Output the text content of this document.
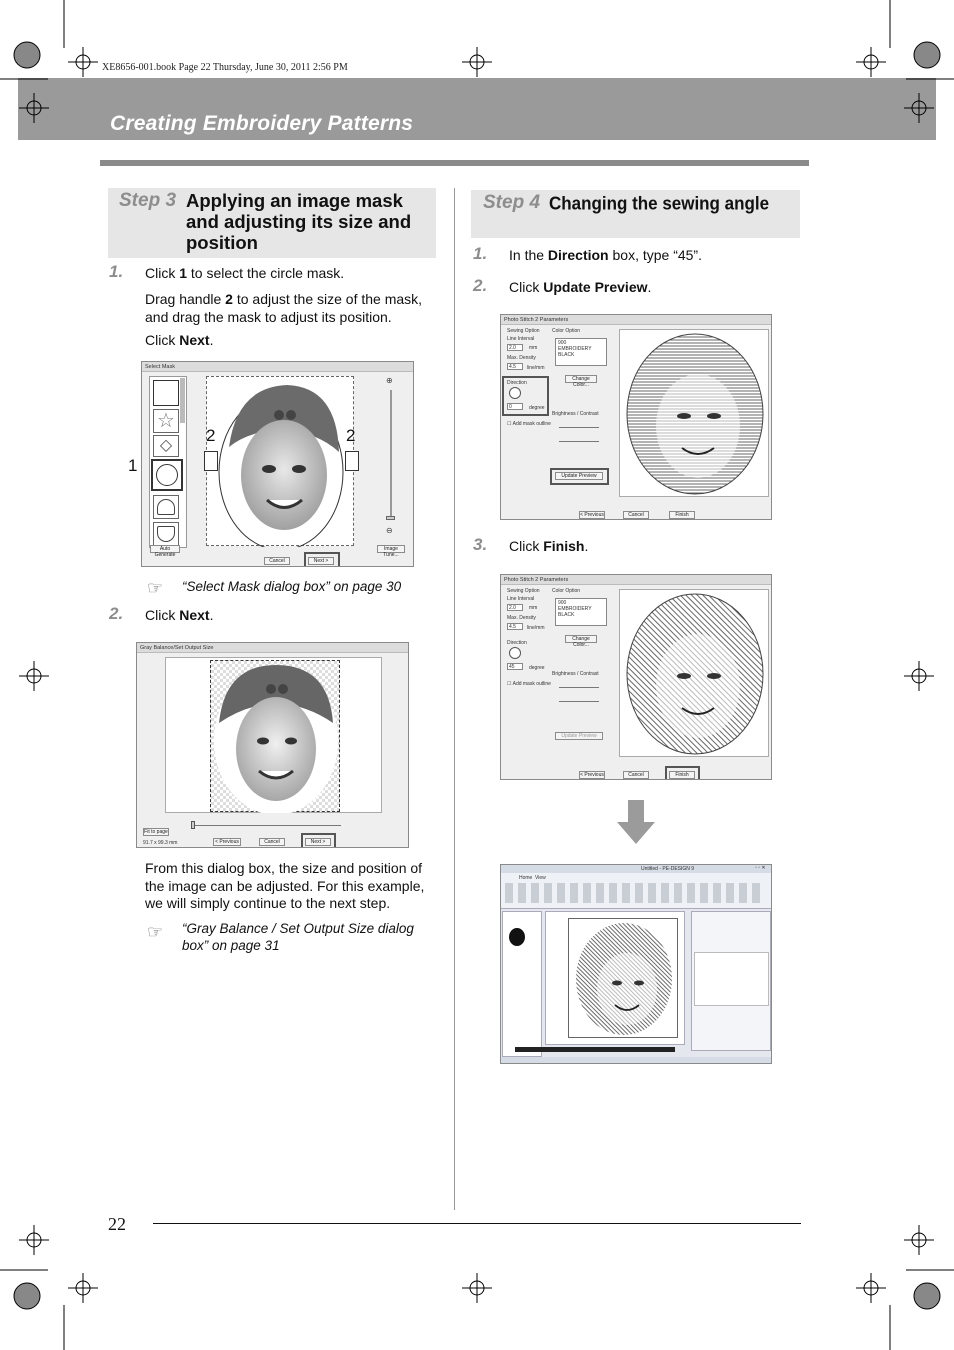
XE8656-001.book Page 22 Thursday, June 30, 2011 2:56 PM
Creating Embroidery Patterns
Step 3 Applying an image mask and adjusting its size and position
1. Click 1 to select the circle mask.
Drag handle 2 to adjust the size of the mask, and drag the mask to adjust its position.
Click Next.
Select Mask
☆
◇
2	2
⊕
⊖
Auto Generate
Cancel	Next >
Image Tune...
1
☞ “Select Mask dialog box” on page 30
2. Click Next.
Gray Balance/Set Output Size
Fit to page
91.7 x 99.3 mm	< Previous	Cancel	Next >
From this dialog box, the size and position of the image can be adjusted. For this example, we will simply continue to the next step.
☞ “Gray Balance / Set Output Size dialog box” on page 31
Step 4 Changing the sewing angle
1. In the Direction box, type “45”.
2. Click Update Preview.
Photo Stitch 2 Parameters
Sewing Option
Line Interval
2.0	mm
Max. Density
4.5	line/mm
Direction
0	degree
☐ Add mask outline
Color Option
900
EMBROIDERY
BLACK
Change Color...
Brightness / Contrast
Update Preview
< Previous	Cancel	Finish
3. Click Finish.
Photo Stitch 2 Parameters
Sewing Option
Line Interval
2.0	mm
Max. Density
4.5	line/mm
Direction
45	degree
☐ Add mask outline
Color Option
900
EMBROIDERY
BLACK
Change Color...
Brightness / Contrast
Update Preview
< Previous	Cancel	Finish
Untitled - PE-DESIGN 9	▫ ▫ ✕
Home View
22
